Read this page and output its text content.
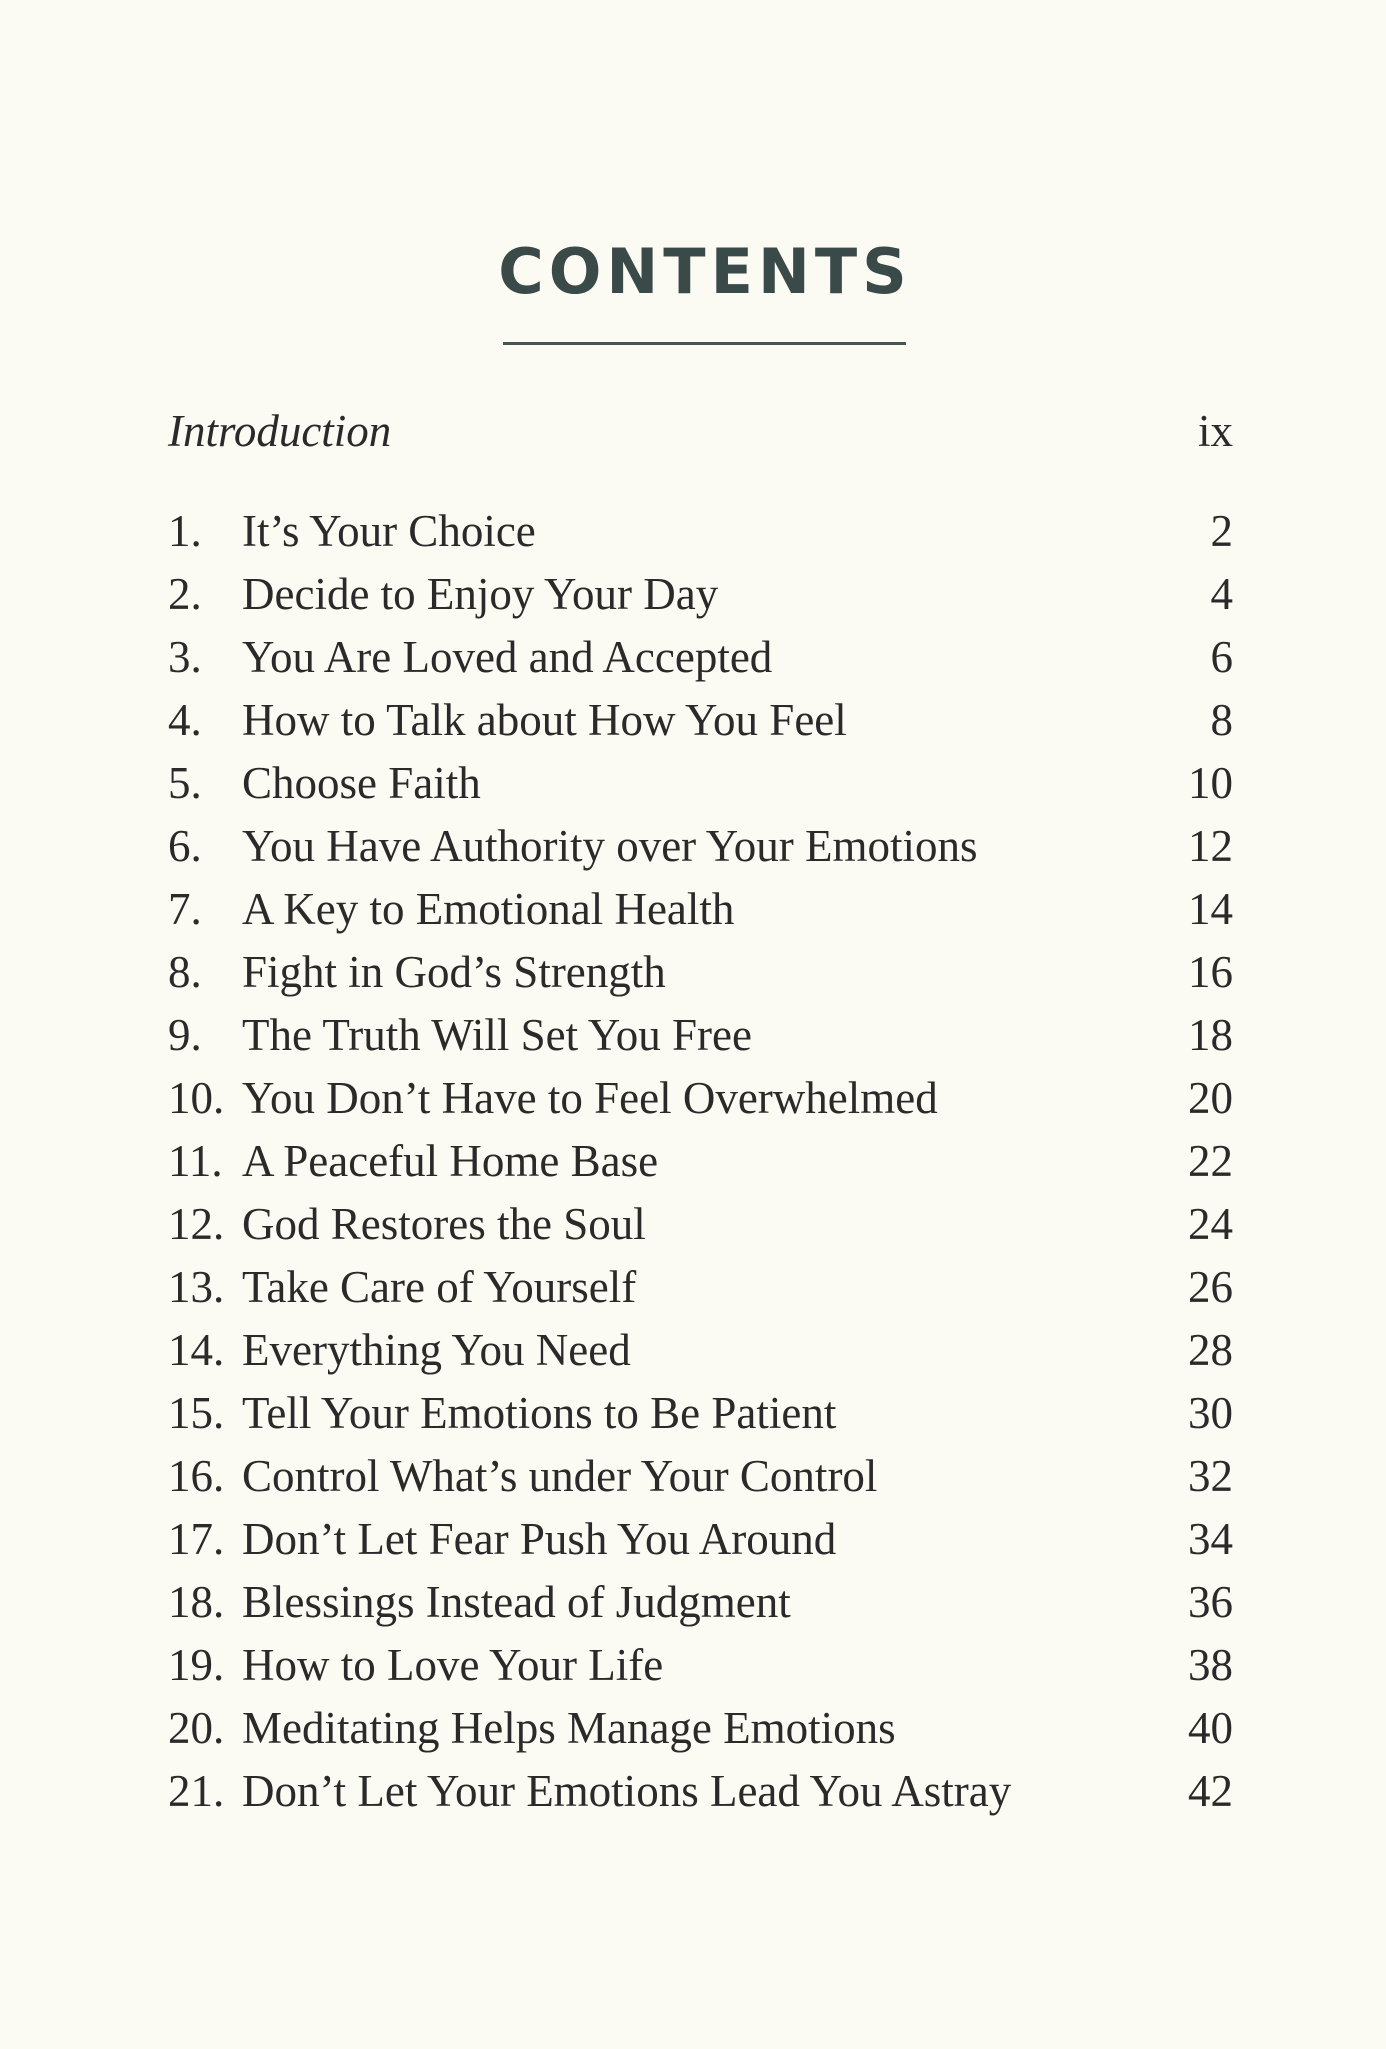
CONTENTS
Introduction	ix
1. It’s Your Choice	2
2. Decide to Enjoy Your Day	4
3. You Are Loved and Accepted	6
4. How to Talk about How You Feel	8
5. Choose Faith	10
6. You Have Authority over Your Emotions	12
7. A Key to Emotional Health	14
8. Fight in God’s Strength	16
9. The Truth Will Set You Free	18
10. You Don’t Have to Feel Overwhelmed	20
11. A Peaceful Home Base	22
12. God Restores the Soul	24
13. Take Care of Yourself	26
14. Everything You Need	28
15. Tell Your Emotions to Be Patient	30
16. Control What’s under Your Control	32
17. Don’t Let Fear Push You Around	34
18. Blessings Instead of Judgment	36
19. How to Love Your Life	38
20. Meditating Helps Manage Emotions	40
21. Don’t Let Your Emotions Lead You Astray	42
